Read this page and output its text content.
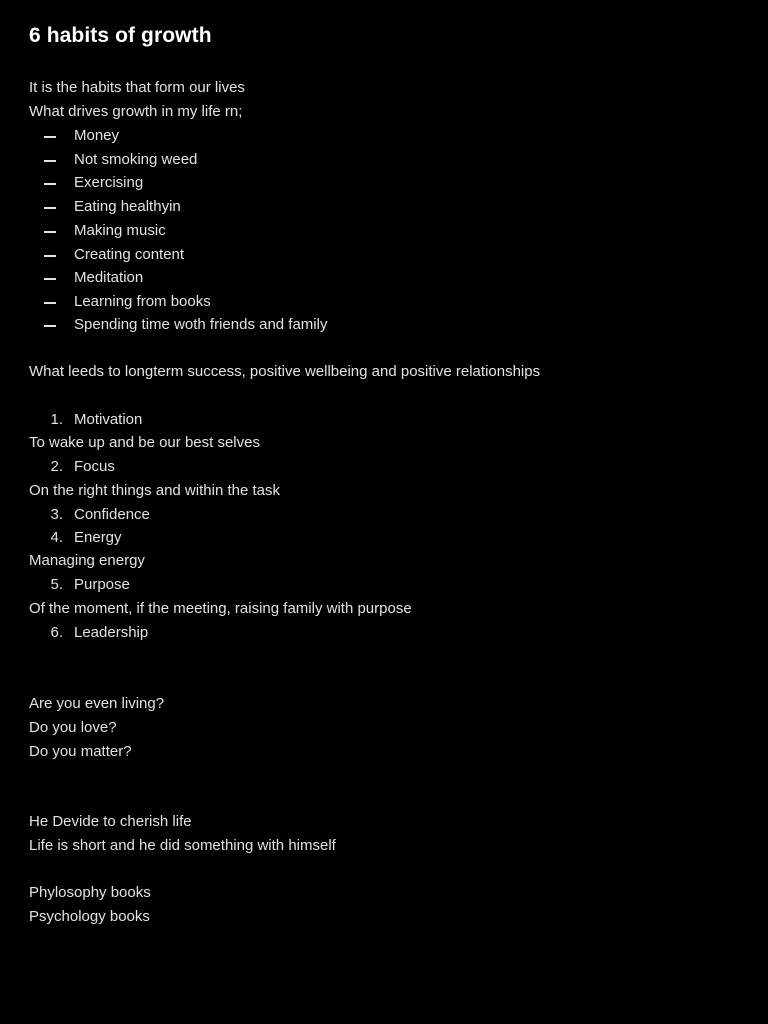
6 habits of growth
It is the habits that form our lives
What drives growth in my life rn;
Money
Not smoking weed
Exercising
Eating healthyin
Making music
Creating content
Meditation
Learning from books
Spending time woth friends and family
What leeds to longterm success, positive wellbeing and positive relationships
1. Motivation
To wake up and be our best selves
2. Focus
On the right things and within the task
3. Confidence
4. Energy
Managing energy
5. Purpose
Of the moment, if the meeting, raising family with purpose
6. Leadership
Are you even living?
Do you love?
Do you matter?
He Devide to cherish life
Life is short and he did something with himself
Phylosophy books
Psychology books
